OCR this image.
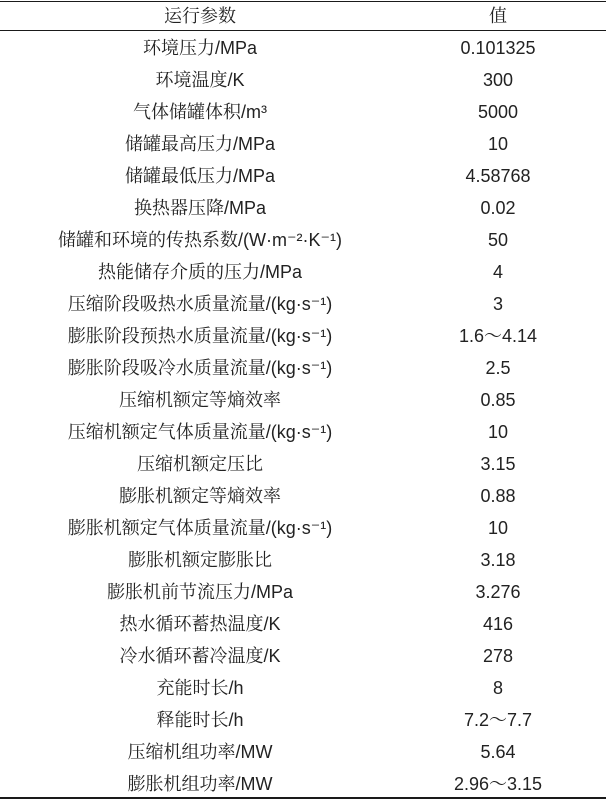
运行参数	值
环境压力/MPa	0.101325
环境温度/K	300
气体储罐体积/m³	5000
储罐最高压力/MPa	10
储罐最低压力/MPa	4.58768
换热器压降/MPa	0.02
储罐和环境的传热系数/(W·m⁻²·K⁻¹)	50
热能储存介质的压力/MPa	4
压缩阶段吸热水质量流量/(kg·s⁻¹)	3
膨胀阶段预热水质量流量/(kg·s⁻¹)	1.6～4.14
膨胀阶段吸冷水质量流量/(kg·s⁻¹)	2.5
压缩机额定等熵效率	0.85
压缩机额定气体质量流量/(kg·s⁻¹)	10
压缩机额定压比	3.15
膨胀机额定等熵效率	0.88
膨胀机额定气体质量流量/(kg·s⁻¹)	10
膨胀机额定膨胀比	3.18
膨胀机前节流压力/MPa	3.276
热水循环蓄热温度/K	416
冷水循环蓄冷温度/K	278
充能时长/h	8
释能时长/h	7.2～7.7
压缩机组功率/MW	5.64
膨胀机组功率/MW	2.96～3.15
